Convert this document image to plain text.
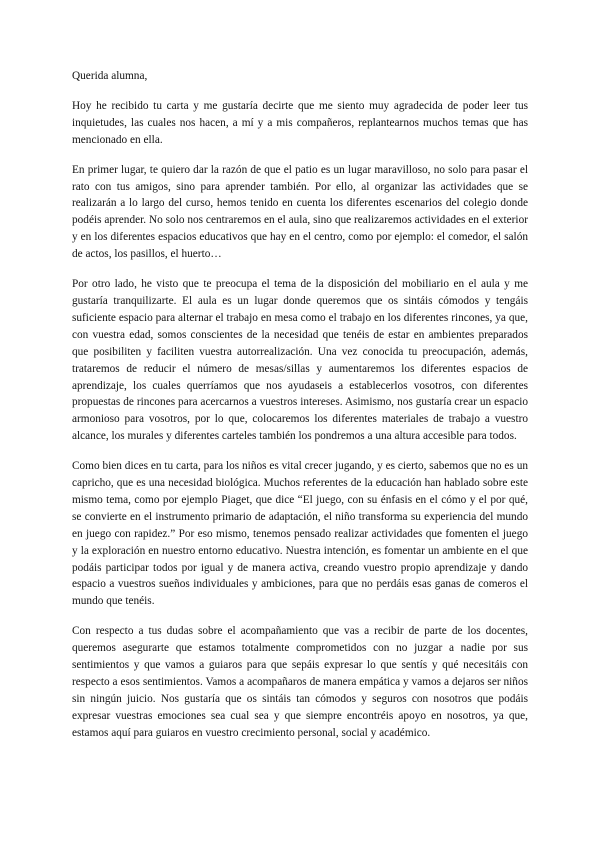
Querida alumna,

Hoy he recibido tu carta y me gustaría decirte que me siento muy agradecida de poder leer tus inquietudes, las cuales nos hacen, a mí y a mis compañeros, replantearnos muchos temas que has mencionado en ella.

En primer lugar, te quiero dar la razón de que el patio es un lugar maravilloso, no solo para pasar el rato con tus amigos, sino para aprender también. Por ello, al organizar las actividades que se realizarán a lo largo del curso, hemos tenido en cuenta los diferentes escenarios del colegio donde podéis aprender. No solo nos centraremos en el aula, sino que realizaremos actividades en el exterior y en los diferentes espacios educativos que hay en el centro, como por ejemplo: el comedor, el salón de actos, los pasillos, el huerto…

Por otro lado, he visto que te preocupa el tema de la disposición del mobiliario en el aula y me gustaría tranquilizarte. El aula es un lugar donde queremos que os sintáis cómodos y tengáis suficiente espacio para alternar el trabajo en mesa como el trabajo en los diferentes rincones, ya que, con vuestra edad, somos conscientes de la necesidad que tenéis de estar en ambientes preparados que posibiliten y faciliten vuestra autorrealización. Una vez conocida tu preocupación, además, trataremos de reducir el número de mesas/sillas y aumentaremos los diferentes espacios de aprendizaje, los cuales querríamos que nos ayudaseis a establecerlos vosotros, con diferentes propuestas de rincones para acercarnos a vuestros intereses. Asimismo, nos gustaría crear un espacio armonioso para vosotros, por lo que, colocaremos los diferentes materiales de trabajo a vuestro alcance, los murales y diferentes carteles también los pondremos a una altura accesible para todos.

Como bien dices en tu carta, para los niños es vital crecer jugando, y es cierto, sabemos que no es un capricho, que es una necesidad biológica. Muchos referentes de la educación han hablado sobre este mismo tema, como por ejemplo Piaget, que dice “El juego, con su énfasis en el cómo y el por qué, se convierte en el instrumento primario de adaptación, el niño transforma su experiencia del mundo en juego con rapidez.” Por eso mismo, tenemos pensado realizar actividades que fomenten el juego y la exploración en nuestro entorno educativo. Nuestra intención, es fomentar un ambiente en el que podáis participar todos por igual y de manera activa, creando vuestro propio aprendizaje y dando espacio a vuestros sueños individuales y ambiciones, para que no perdáis esas ganas de comeros el mundo que tenéis.

Con respecto a tus dudas sobre el acompañamiento que vas a recibir de parte de los docentes, queremos asegurarte que estamos totalmente comprometidos con no juzgar a nadie por sus sentimientos y que vamos a guiaros para que sepáis expresar lo que sentís y qué necesitáis con respecto a esos sentimientos. Vamos a acompañaros de manera empática y vamos a dejaros ser niños sin ningún juicio. Nos gustaría que os sintáis tan cómodos y seguros con nosotros que podáis expresar vuestras emociones sea cual sea y que siempre encontréis apoyo en nosotros, ya que, estamos aquí para guiaros en vuestro crecimiento personal, social y académico.
